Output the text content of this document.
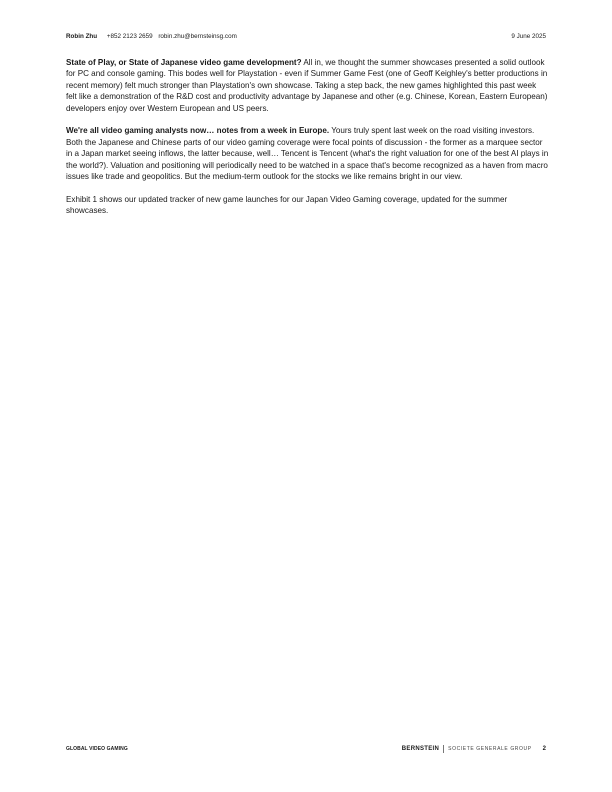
Robin Zhu +852 2123 2659 robin.zhu@bernsteinsg.com	9 June 2025

State of Play, or State of Japanese video game development? All in, we thought the summer showcases presented a solid outlook for PC and console gaming. This bodes well for Playstation - even if Summer Game Fest (one of Geoff Keighley's better productions in recent memory) felt much stronger than Playstation's own showcase. Taking a step back, the new games highlighted this past week felt like a demonstration of the R&D cost and productivity advantage by Japanese and other (e.g. Chinese, Korean, Eastern European) developers enjoy over Western European and US peers.

We're all video gaming analysts now… notes from a week in Europe. Yours truly spent last week on the road visiting investors. Both the Japanese and Chinese parts of our video gaming coverage were focal points of discussion - the former as a marquee sector in a Japan market seeing inflows, the latter because, well… Tencent is Tencent (what's the right valuation for one of the best AI plays in the world?). Valuation and positioning will periodically need to be watched in a space that's become recognized as a haven from macro issues like trade and geopolitics. But the medium-term outlook for the stocks we like remains bright in our view.

Exhibit 1 shows our updated tracker of new game launches for our Japan Video Gaming coverage, updated for the summer showcases.

GLOBAL VIDEO GAMING	BERNSTEIN SOCIETE GENERALE GROUP 2
